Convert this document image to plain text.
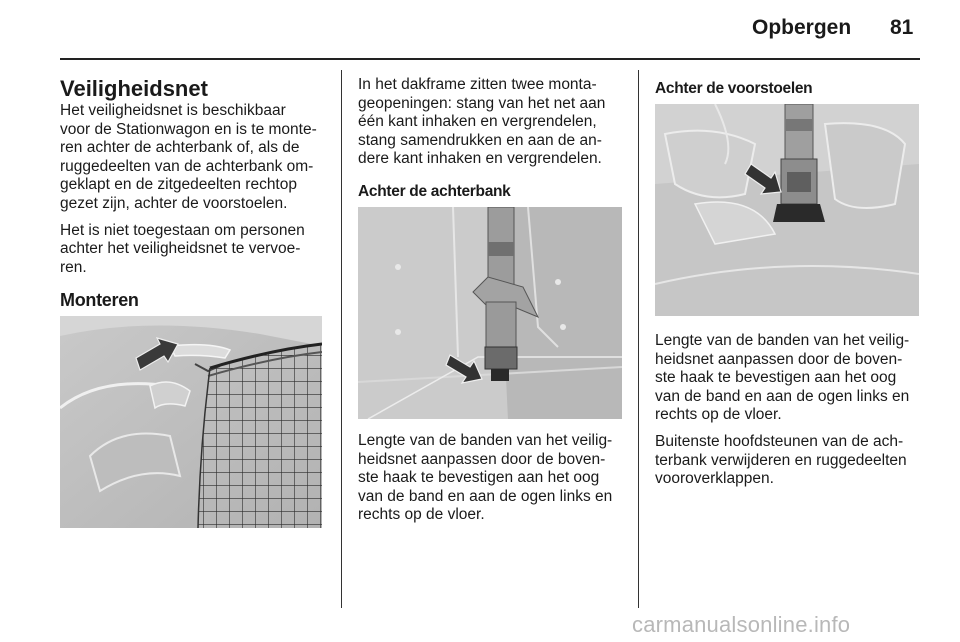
Opbergen 81
Veiligheidsnet

Het veiligheidsnet is beschikbaar
voor de Stationwagon en is te monte-
ren achter de achterbank of, als de
ruggedeelten van de achterbank om-
geklapt en de zitgedeelten rechtop
gezet zijn, achter de voorstoelen.

Het is niet toegestaan om personen
achter het veiligheidsnet te vervoe-
ren.

Monteren

In het dakframe zitten twee monta-
geopeningen: stang van het net aan
één kant inhaken en vergrendelen,
stang samendrukken en aan de an-
dere kant inhaken en vergrendelen.

Achter de achterbank

Lengte van de banden van het veilig-
heidsnet aanpassen door de boven-
ste haak te bevestigen aan het oog
van de band en aan de ogen links en
rechts op de vloer.

Achter de voorstoelen

Lengte van de banden van het veilig-
heidsnet aanpassen door de boven-
ste haak te bevestigen aan het oog
van de band en aan de ogen links en
rechts op de vloer.

Buitenste hoofdsteunen van de ach-
terbank verwijderen en ruggedeelten
vooroverklappen.

carmanualsonline.info
